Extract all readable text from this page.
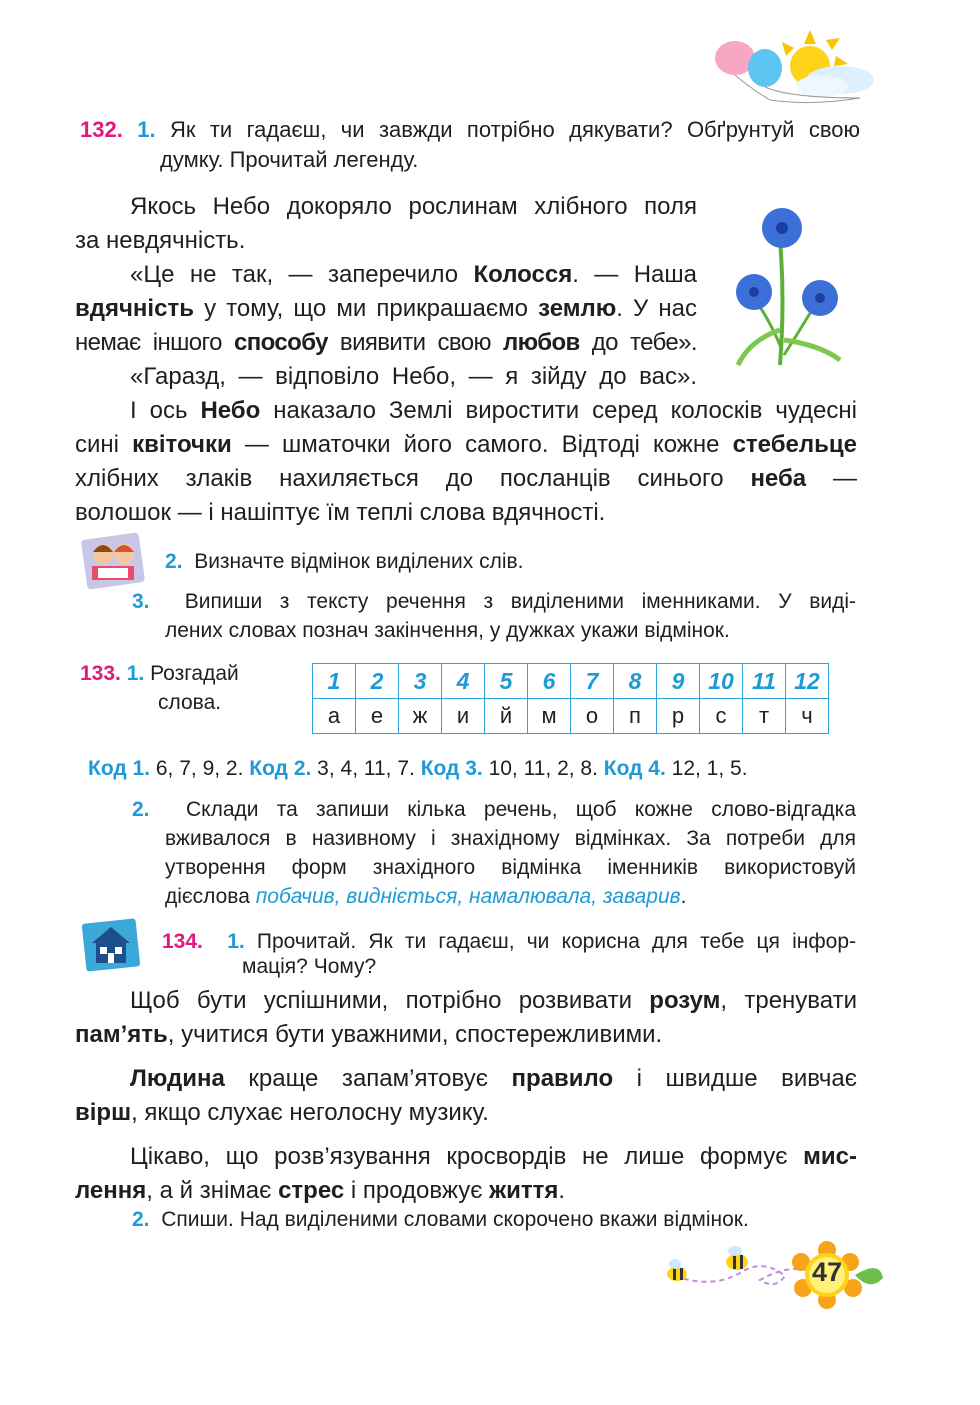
132. 1. Як ти гадаєш, чи завжди потрібно дякувати? Обґрунтуй свою
думку. Прочитай легенду.
Якось Небо докоряло рослинам хлібного поля
за невдячність.
«Це не так, — заперечило Колосся. — Наша
вдячність у тому, що ми прикрашаємо землю. У нас
немає іншого способу виявити свою любов до тебе».
«Гаразд, — відповіло Небо, — я зійду до вас».
І ось Небо наказало Землі виростити серед колосків чудесні
сині квіточки — шматочки його самого. Відтоді кожне стебельце
хлібних злаків нахиляється до посланців синього неба —
волошок — і нашіптує їм теплі слова вдячності.
2. Визначте відмінок виділених слів.
3. Випиши з тексту речення з виділеними іменниками. У виді-
лених словах познач закінчення, у дужках укажи відмінок.
133. 1. Розгадай
слова.
1	2	3	4	5	6	7	8	9	10	11	12
а	е	ж	и	й	м	о	п	р	с	т	ч
Код 1. 6, 7, 9, 2. Код 2. 3, 4, 11, 7. Код 3. 10, 11, 2, 8. Код 4. 12, 1, 5.
2. Склади та запиши кілька речень, щоб кожне слово-відгадка
вживалося в називному і знахідному відмінках. За потреби для
утворення форм знахідного відмінка іменників використовуй
дієслова побачив, видніється, намалювала, заварив.
134. 1. Прочитай. Як ти гадаєш, чи корисна для тебе ця інфор-
мація? Чому?
Щоб бути успішними, потрібно розвивати розум, тренувати
пам’ять, учитися бути уважними, спостережливими.
Людина краще запам’ятовує правило і швидше вивчає
вірш, якщо слухає неголосну музику.
Цікаво, що розв’язування кросвордів не лише формує мис-
лення, а й знімає стрес і продовжує життя.
2. Спиши. Над виділеними словами скорочено вкажи відмінок.
47
